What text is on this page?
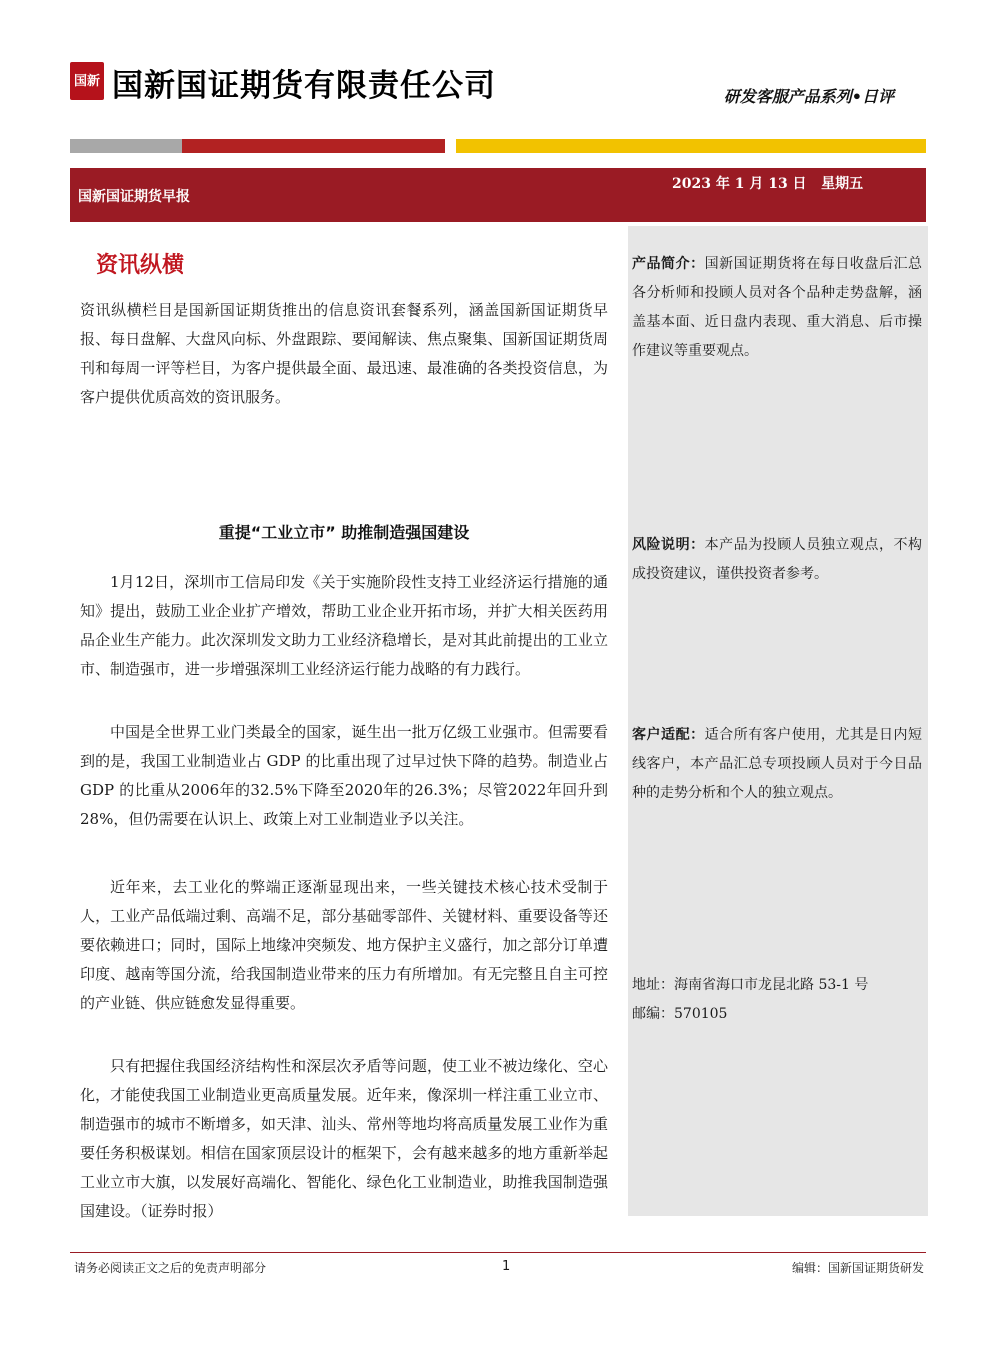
国新 国新国证期货有限责任公司	研发客服产品系列•日评
国新国证期货早报
2023 年 1 月 13 日   星期五
产品简介：国新国证期货将在每日收盘后汇总各分析师和投顾人员对各个品种走势盘解，涵盖基本面、近日盘内表现、重大消息、后市操作建议等重要观点。
风险说明：本产品为投顾人员独立观点，不构成投资建议，谨供投资者参考。
客户适配：适合所有客户使用，尤其是日内短线客户，本产品汇总专项投顾人员对于今日品种的走势分析和个人的独立观点。
地址：海南省海口市龙昆北路 53-1 号
邮编：570105
资讯纵横

资讯纵横栏目是国新国证期货推出的信息资讯套餐系列，涵盖国新国证期货早报、每日盘解、大盘风向标、外盘跟踪、要闻解读、焦点聚集、国新国证期货周刊和每周一评等栏目，为客户提供最全面、最迅速、最准确的各类投资信息，为客户提供优质高效的资讯服务。

重提“工业立市” 助推制造强国建设

1月12日，深圳市工信局印发《关于实施阶段性支持工业经济运行措施的通知》提出，鼓励工业企业扩产增效，帮助工业企业开拓市场，并扩大相关医药用品企业生产能力。此次深圳发文助力工业经济稳增长，是对其此前提出的工业立市、制造强市，进一步增强深圳工业经济运行能力战略的有力践行。

中国是全世界工业门类最全的国家，诞生出一批万亿级工业强市。但需要看到的是，我国工业制造业占 GDP 的比重出现了过早过快下降的趋势。制造业占 GDP 的比重从2006年的32.5%下降至2020年的26.3%；尽管2022年回升到28%，但仍需要在认识上、政策上对工业制造业予以关注。

近年来，去工业化的弊端正逐渐显现出来，一些关键技术核心技术受制于人，工业产品低端过剩、高端不足，部分基础零部件、关键材料、重要设备等还要依赖进口；同时，国际上地缘冲突频发、地方保护主义盛行，加之部分订单遭印度、越南等国分流，给我国制造业带来的压力有所增加。有无完整且自主可控的产业链、供应链愈发显得重要。

只有把握住我国经济结构性和深层次矛盾等问题，使工业不被边缘化、空心化，才能使我国工业制造业更高质量发展。近年来，像深圳一样注重工业立市、制造强市的城市不断增多，如天津、汕头、常州等地均将高质量发展工业作为重要任务积极谋划。相信在国家顶层设计的框架下，会有越来越多的地方重新举起工业立市大旗，以发展好高端化、智能化、绿色化工业制造业，助推我国制造强国建设。（证券时报）

请务必阅读正文之后的免责声明部分	1	编辑：国新国证期货研发
